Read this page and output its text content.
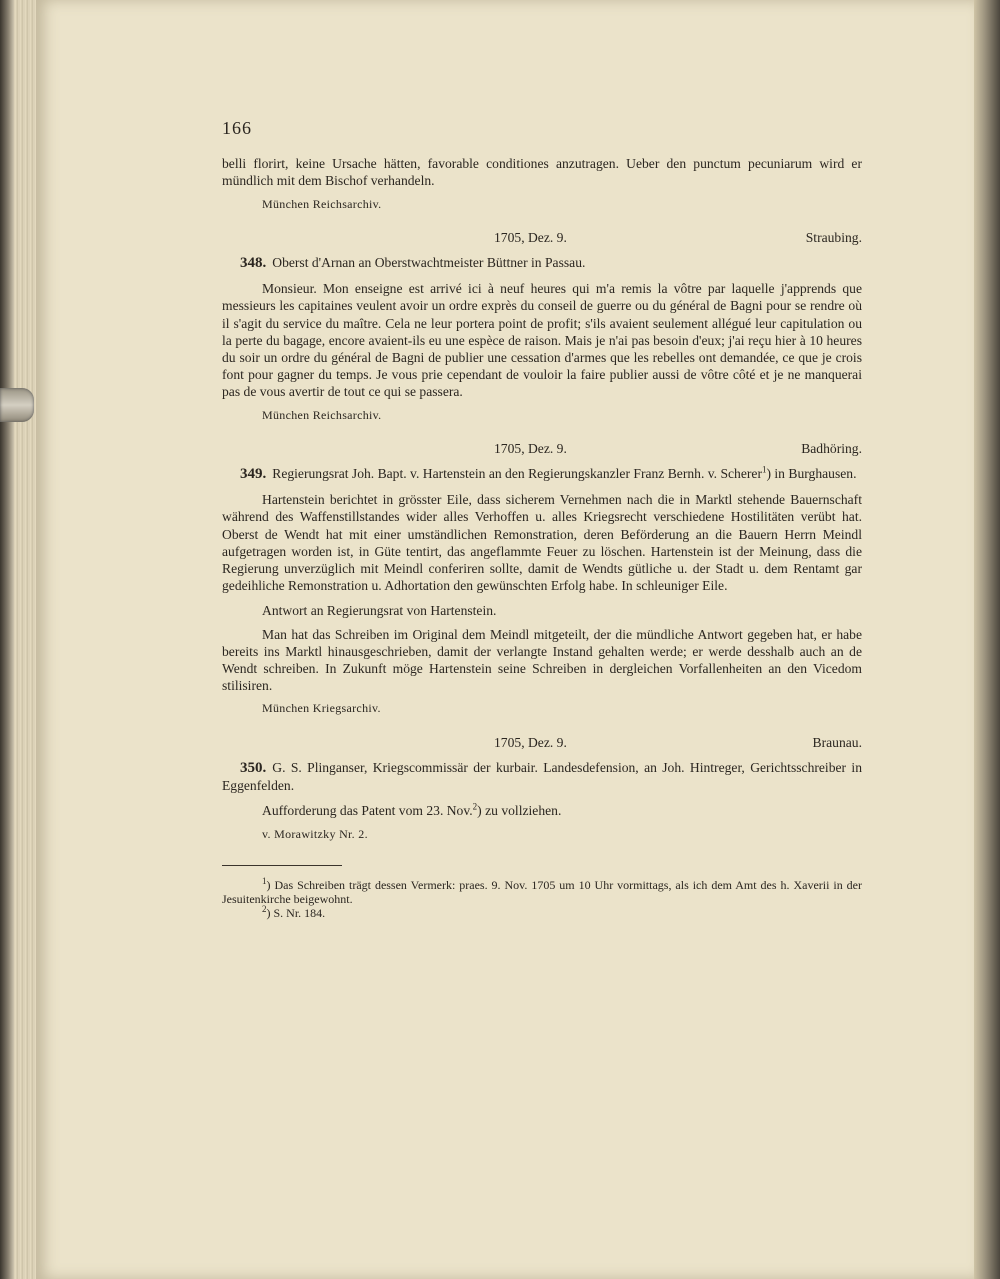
166

belli florirt, keine Ursache hätten, favorable conditiones anzutragen. Ueber den punctum pecuniarum wird er mündlich mit dem Bischof verhandeln.

München Reichsarchiv.
1705, Dez. 9.	Straubing.

348. Oberst d'Arnan an Oberstwachtmeister Büttner in Passau.

Monsieur. Mon enseigne est arrivé ici à neuf heures qui m'a remis la vôtre par laquelle j'apprends que messieurs les capitaines veulent avoir un ordre exprès du conseil de guerre ou du général de Bagni pour se rendre où il s'agit du service du maître. Cela ne leur portera point de profit; s'ils avaient seulement allégué leur capitulation ou la perte du bagage, encore avaient-ils eu une espèce de raison. Mais je n'ai pas besoin d'eux; j'ai reçu hier à 10 heures du soir un ordre du général de Bagni de publier une cessation d'armes que les rebelles ont demandée, ce que je crois font pour gagner du temps. Je vous prie cependant de vouloir la faire publier aussi de vôtre côté et je ne manquerai pas de vous avertir de tout ce qui se passera.

München Reichsarchiv.
1705, Dez. 9.	Badhöring.

349. Regierungsrat Joh. Bapt. v. Hartenstein an den Regierungskanzler Franz Bernh. v. Scherer$^1$) in Burghausen.

Hartenstein berichtet in grösster Eile, dass sicherem Vernehmen nach die in Marktl stehende Bauernschaft während des Waffenstillstandes wider alles Verhoffen u. alles Kriegsrecht verschiedene Hostilitäten verübt hat. Oberst de Wendt hat mit einer umständlichen Remonstration, deren Beförderung an die Bauern Herrn Meindl aufgetragen worden ist, in Güte tentirt, das angeflammte Feuer zu löschen. Hartenstein ist der Meinung, dass die Regierung unverzüglich mit Meindl conferiren sollte, damit de Wendts gütliche u. der Stadt u. dem Rentamt gar gedeihliche Remonstration u. Adhortation den gewünschten Erfolg habe. In schleuniger Eile.

Antwort an Regierungsrat von Hartenstein.

Man hat das Schreiben im Original dem Meindl mitgeteilt, der die mündliche Antwort gegeben hat, er habe bereits ins Marktl hinausgeschrieben, damit der verlangte Instand gehalten werde; er werde desshalb auch an de Wendt schreiben. In Zukunft möge Hartenstein seine Schreiben in dergleichen Vorfallenheiten an den Vicedom stilisiren.

München Kriegsarchiv.
1705, Dez. 9.	Braunau.

350. G. S. Plinganser, Kriegscommissär der kurbair. Landesdefension, an Joh. Hintreger, Gerichtsschreiber in Eggenfelden.

Aufforderung das Patent vom 23. Nov.$^2$) zu vollziehen.

v. Morawitzky Nr. 2.

$^1$) Das Schreiben trägt dessen Vermerk: praes. 9. Nov. 1705 um 10 Uhr vormittags, als ich dem Amt des h. Xaverii in der Jesuitenkirche beigewohnt.

$^2$) S. Nr. 184.
